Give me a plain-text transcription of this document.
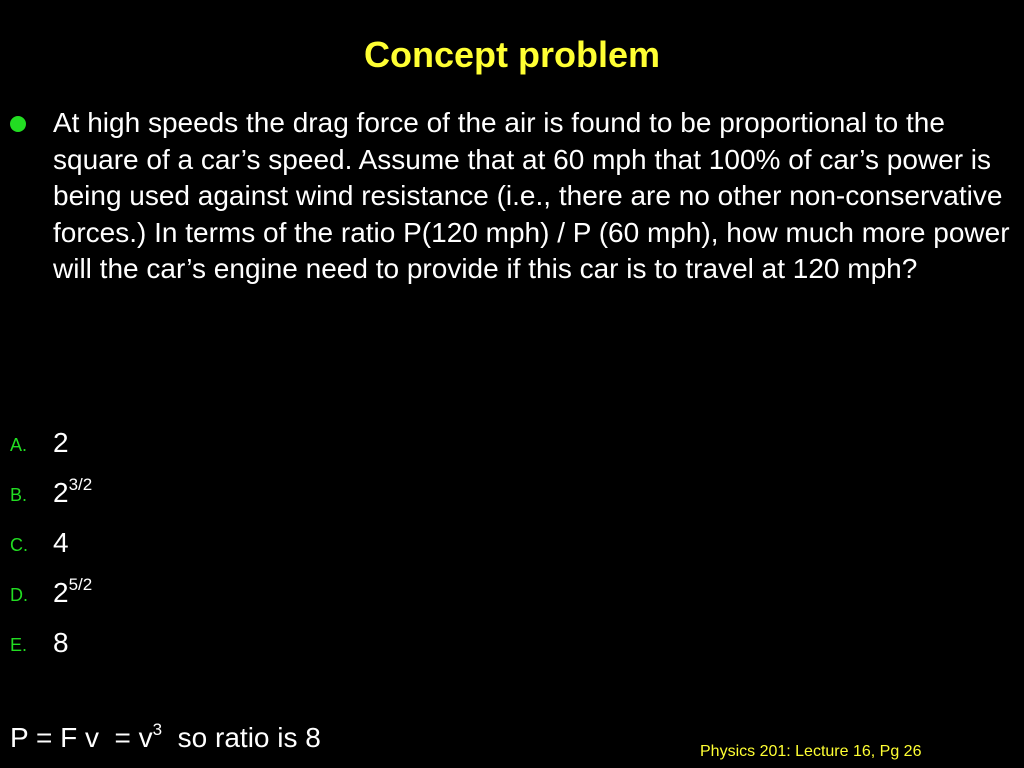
Concept problem
At high speeds the drag force of the air is found to be proportional to the square of a car’s speed. Assume that at 60 mph that 100% of car’s power is being used against wind resistance (i.e., there are no other non-conservative forces.) In terms of the ratio P(120 mph) / P (60 mph), how much more power will the car’s engine need to provide if this car is to travel at 120 mph?
A. 2
B. $2^{3/2}$
C. 4
D. $2^{5/2}$
E. 8
P = F $v = v^3$  so ratio is 8	Physics 201: Lecture 16, Pg 26
